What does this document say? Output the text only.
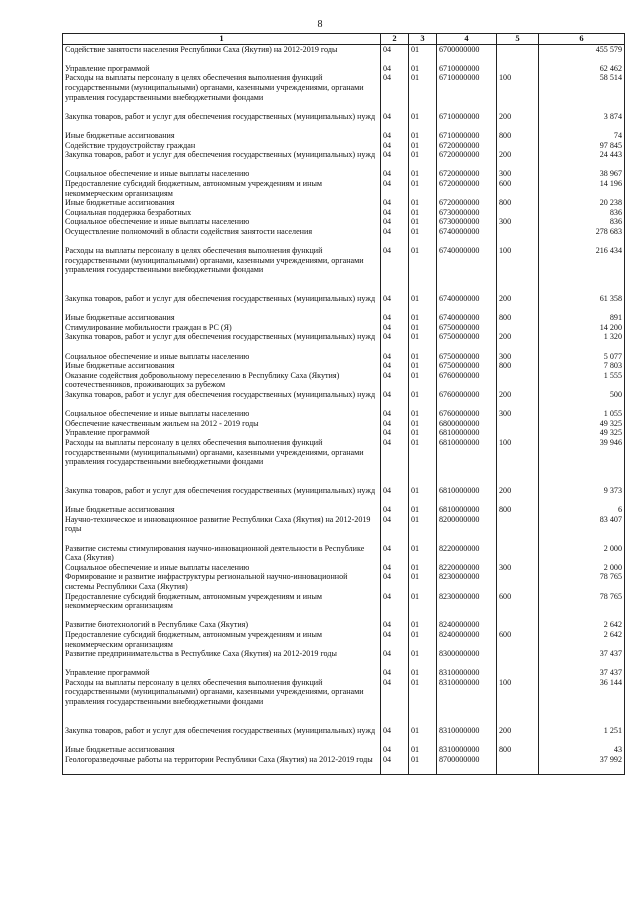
8
1	2	3	4	5	6
Содействие занятости населения Республики Саха (Якутия) на 2012-2019 годы	04	01	6700000000		455 579
Управление программой	04	01	6710000000		62 462
Расходы на выплаты персоналу в целях обеспечения выполнения функций государственными (муниципальными) органами, казенными учреждениями, органами управления государственными внебюджетными фондами	04	01	6710000000	100	58 514
Закупка товаров, работ и услуг для обеспечения государственных (муниципальных) нужд	04	01	6710000000	200	3 874
Иные бюджетные ассигнования	04	01	6710000000	800	74
Содействие трудоустройству граждан	04	01	6720000000		97 845
Закупка товаров, работ и услуг для обеспечения государственных (муниципальных) нужд	04	01	6720000000	200	24 443
Социальное обеспечение и иные выплаты населению	04	01	6720000000	300	38 967
Предоставление субсидий бюджетным, автономным учреждениям и иным некоммерческим организациям	04	01	6720000000	600	14 196
Иные бюджетные ассигнования	04	01	6720000000	800	20 238
Социальная поддержка безработных	04	01	6730000000		836
Социальное обеспечение и иные выплаты населению	04	01	6730000000	300	836
Осуществление полномочий в области содействия занятости населения	04	01	6740000000		278 683
Расходы на выплаты персоналу в целях обеспечения выполнения функций государственными (муниципальными) органами, казенными учреждениями, органами управления государственными внебюджетными фондами	04	01	6740000000	100	216 434
Закупка товаров, работ и услуг для обеспечения государственных (муниципальных) нужд	04	01	6740000000	200	61 358
Иные бюджетные ассигнования	04	01	6740000000	800	891
Стимулирование мобильности граждан в РС (Я)	04	01	6750000000		14 200
Закупка товаров, работ и услуг для обеспечения государственных (муниципальных) нужд	04	01	6750000000	200	1 320
Социальное обеспечение и иные выплаты населению	04	01	6750000000	300	5 077
Иные бюджетные ассигнования	04	01	6750000000	800	7 803
Оказание содействия добровольному переселению в Республику Саха (Якутия) соотечественников, проживающих за рубежом	04	01	6760000000		1 555
Закупка товаров, работ и услуг для обеспечения государственных (муниципальных) нужд	04	01	6760000000	200	500
Социальное обеспечение и иные выплаты населению	04	01	6760000000	300	1 055
Обеспечение качественным жильем на 2012 - 2019 годы	04	01	6800000000		49 325
Управление программой	04	01	6810000000		49 325
Расходы на выплаты персоналу в целях обеспечения выполнения функций государственными (муниципальными) органами, казенными учреждениями, органами управления государственными внебюджетными фондами	04	01	6810000000	100	39 946
Закупка товаров, работ и услуг для обеспечения государственных (муниципальных) нужд	04	01	6810000000	200	9 373
Иные бюджетные ассигнования	04	01	6810000000	800	6
Научно-техническое и инновационное развитие Республики Саха (Якутия) на 2012-2019 годы	04	01	8200000000		83 407
Развитие системы стимулирования научно-инновационной деятельности в Республике Саха (Якутия)	04	01	8220000000		2 000
Социальное обеспечение и иные выплаты населению	04	01	8220000000	300	2 000
Формирование и развитие инфраструктуры региональной научно-инновационной системы Республики Саха (Якутия)	04	01	8230000000		78 765
Предоставление субсидий бюджетным, автономным учреждениям и иным некоммерческим организациям	04	01	8230000000	600	78 765
Развитие биотехнологий в Республике Саха (Якутия)	04	01	8240000000		2 642
Предоставление субсидий бюджетным, автономным учреждениям и иным некоммерческим организациям	04	01	8240000000	600	2 642
Развитие предпринимательства в Республике Саха (Якутия) на 2012-2019 годы	04	01	8300000000		37 437
Управление программой	04	01	8310000000		37 437
Расходы на выплаты персоналу в целях обеспечения выполнения функций государственными (муниципальными) органами, казенными учреждениями, органами управления государственными внебюджетными фондами	04	01	8310000000	100	36 144
Закупка товаров, работ и услуг для обеспечения государственных (муниципальных) нужд	04	01	8310000000	200	1 251
Иные бюджетные ассигнования	04	01	8310000000	800	43
Геологоразведочные работы на территории Республики Саха (Якутия) на 2012-2019 годы	04	01	8700000000		37 992
